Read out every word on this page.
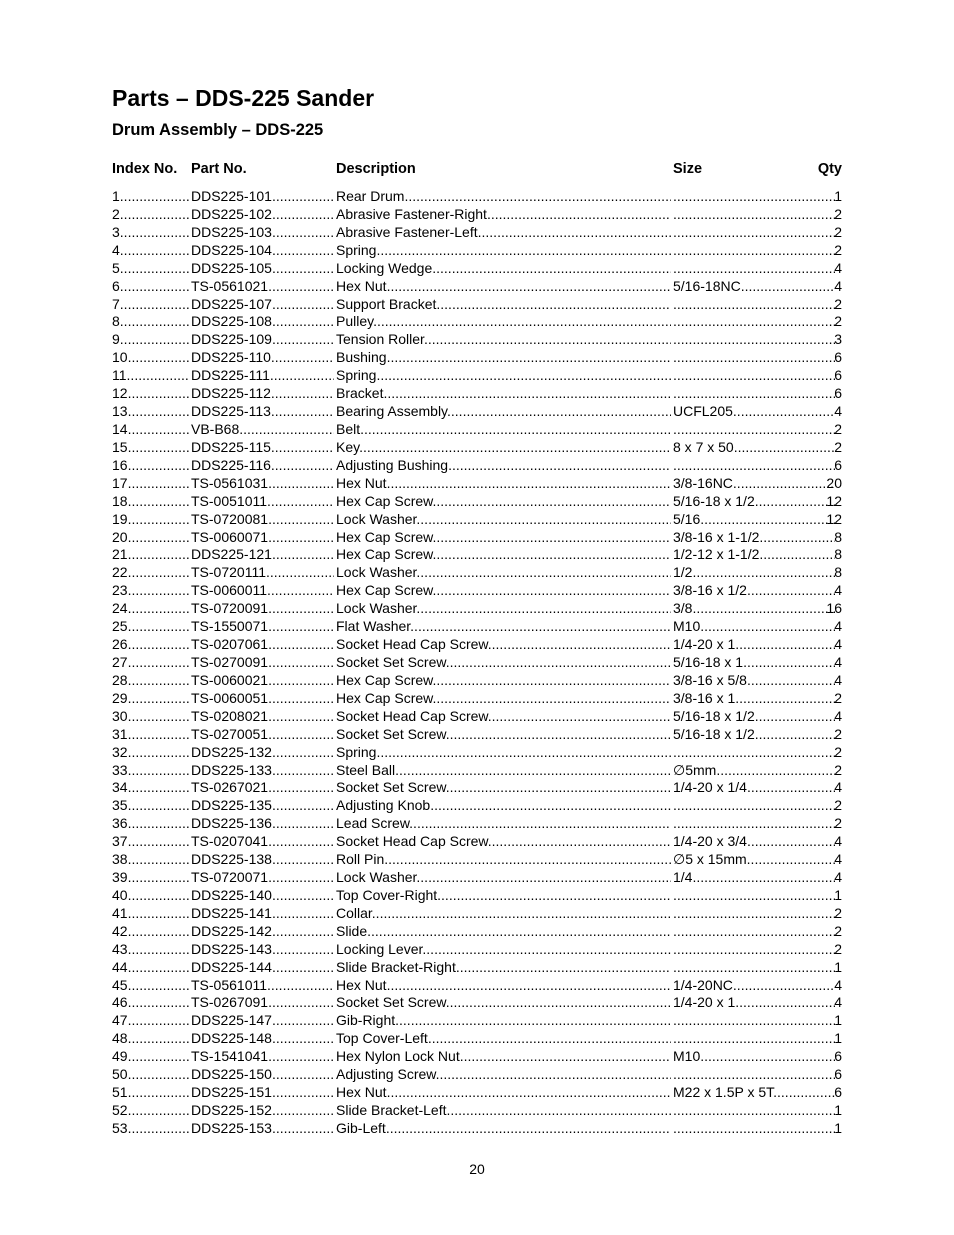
Parts – DDS-225 Sander
Drum Assembly – DDS-225
Index No. Part No.	Description	Size	Qty
1 .....	DDS225-101 .....	Rear Drum ..... .....	1
2 .....	DDS225-102 .....	Abrasive Fastener-Right ..... .....	2
3 .....	DDS225-103 .....	Abrasive Fastener-Left ..... .....	2
4 .....	DDS225-104 .....	Spring ..... .....	2
5 .....	DDS225-105 .....	Locking Wedge ..... .....	4
6 .....	TS-0561021 .....	Hex Nut .....	5/16-18NC .....	4
7 .....	DDS225-107 .....	Support Bracket ..... .....	2
8 .....	DDS225-108 .....	Pulley ..... .....	2
9 .....	DDS225-109 .....	Tension Roller ..... .....	3
10 .....	DDS225-110 .....	Bushing ..... .....	6
11 .....	DDS225-111 .....	Spring ..... .....	6
12 .....	DDS225-112 .....	Bracket ..... .....	6
13 .....	DDS225-113 .....	Bearing Assembly .....	UCFL205 .....	4
14 .....	VB-B68 .....	Belt ..... .....	2
15 .....	DDS225-115 .....	Key .....	8 x 7 x 50 .....	2
16 .....	DDS225-116 .....	Adjusting Bushing ..... .....	6
17 .....	TS-0561031 .....	Hex Nut .....	3/8-16NC .....	20
18 .....	TS-0051011 .....	Hex Cap Screw .....	5/16-18 x 1/2 .....	12
19 .....	TS-0720081 .....	Lock Washer .....	5/16 .....	12
20 .....	TS-0060071 .....	Hex Cap Screw .....	3/8-16 x 1-1/2 .....	8
21 .....	DDS225-121 .....	Hex Cap Screw .....	1/2-12 x 1-1/2 .....	8
22 .....	TS-0720111 .....	Lock Washer .....	1/2 .....	8
23 .....	TS-0060011 .....	Hex Cap Screw .....	3/8-16 x 1/2 .....	4
24 .....	TS-0720091 .....	Lock Washer .....	3/8 .....	16
25 .....	TS-1550071 .....	Flat Washer .....	M10 .....	4
26 .....	TS-0207061 .....	Socket Head Cap Screw .....	1/4-20 x 1 .....	4
27 .....	TS-0270091 .....	Socket Set Screw .....	5/16-18 x 1 .....	4
28 .....	TS-0060021 .....	Hex Cap Screw .....	3/8-16 x 5/8 .....	4
29 .....	TS-0060051 .....	Hex Cap Screw .....	3/8-16 x 1 .....	2
30 .....	TS-0208021 .....	Socket Head Cap Screw .....	5/16-18 x 1/2 .....	4
31 .....	TS-0270051 .....	Socket Set Screw .....	5/16-18 x 1/2 .....	2
32 .....	DDS225-132 .....	Spring ..... .....	2
33 .....	DDS225-133 .....	Steel Ball .....	∅5mm .....	2
34 .....	TS-0267021 .....	Socket Set Screw .....	1/4-20 x 1/4 .....	4
35 .....	DDS225-135 .....	Adjusting Knob ..... .....	2
36 .....	DDS225-136 .....	Lead Screw ..... .....	2
37 .....	TS-0207041 .....	Socket Head Cap Screw .....	1/4-20 x 3/4 .....	4
38 .....	DDS225-138 .....	Roll Pin .....	∅5 x 15mm .....	4
39 .....	TS-0720071 .....	Lock Washer .....	1/4 .....	4
40 .....	DDS225-140 .....	Top Cover-Right ..... .....	1
41 .....	DDS225-141 .....	Collar ..... .....	2
42 .....	DDS225-142 .....	Slide ..... .....	2
43 .....	DDS225-143 .....	Locking Lever ..... .....	2
44 .....	DDS225-144 .....	Slide Bracket-Right ..... .....	1
45 .....	TS-0561011 .....	Hex Nut .....	1/4-20NC .....	4
46 .....	TS-0267091 .....	Socket Set Screw .....	1/4-20 x 1 .....	4
47 .....	DDS225-147 .....	Gib-Right ..... .....	1
48 .....	DDS225-148 .....	Top Cover-Left ..... .....	1
49 .....	TS-1541041 .....	Hex Nylon Lock Nut .....	M10 .....	6
50 .....	DDS225-150 .....	Adjusting Screw ..... .....	6
51 .....	DDS225-151 .....	Hex Nut .....	M22 x 1.5P x 5T .....	6
52 .....	DDS225-152 .....	Slide Bracket-Left ..... .....	1
53 .....	DDS225-153 .....	Gib-Left ..... .....	1
20
